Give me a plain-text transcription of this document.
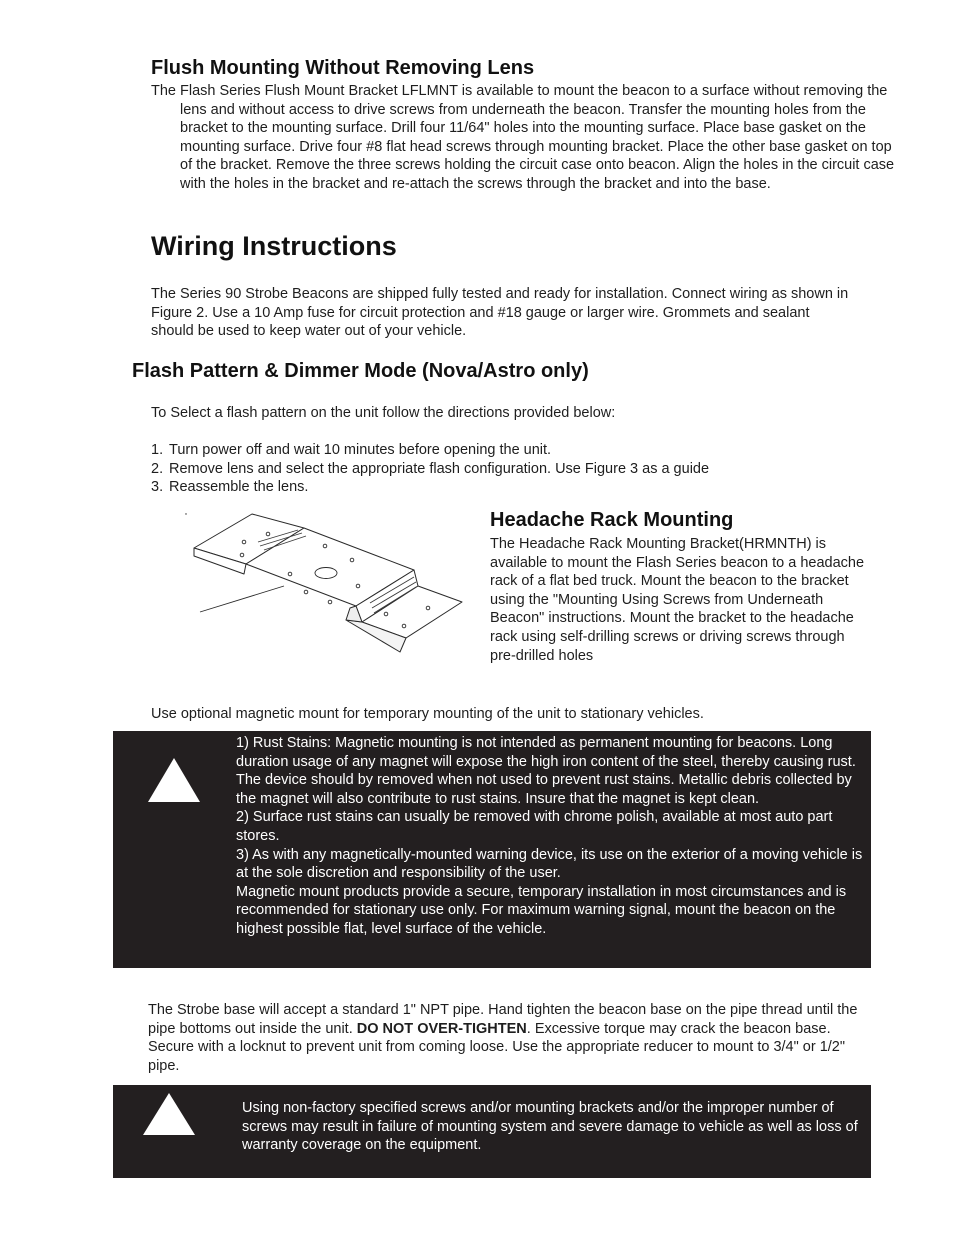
Flush Mounting Without Removing Lens
The Flash Series Flush Mount Bracket LFLMNT is available to mount the beacon to a surface without removing the lens and without access to drive screws from underneath the beacon. Transfer the mounting holes from the bracket to the mounting surface. Drill four 11/64" holes into the mounting surface. Place base gasket on the mounting surface. Drive four #8 flat head screws through mounting bracket. Place the other base gasket on top of the bracket. Remove the three screws holding the circuit case onto beacon. Align the holes in the circuit case with the holes in the bracket and re-attach the screws through the bracket and into the base.
Wiring Instructions
The Series 90 Strobe Beacons are shipped fully tested and ready for installation. Connect wiring as shown in Figure 2. Use a 10 Amp fuse for circuit protection and #18 gauge or larger wire. Grommets and sealant should be used to keep water out of your vehicle.
Flash Pattern & Dimmer Mode (Nova/Astro only)
To Select a flash pattern on the unit follow the directions provided below:
1. Turn power off and wait 10 minutes before opening the unit.
2. Remove lens and select the appropriate flash configuration. Use Figure 3 as a guide
3. Reassemble the lens.
Headache Rack Mounting
The Headache Rack Mounting Bracket(HRMNTH) is available to mount the Flash Series beacon to a headache rack of a flat bed truck. Mount the beacon to the bracket using the "Mounting Using Screws from Underneath Beacon" instructions. Mount the bracket to the headache rack using self-drilling screws or driving screws through pre-drilled holes
Use optional magnetic mount for temporary mounting of the unit to stationary vehicles.

1) Rust Stains: Magnetic mounting is not intended as permanent mounting for beacons. Long duration usage of any magnet will expose the high iron content of the steel, thereby causing rust. The device should by removed when not used to prevent rust stains. Metallic debris collected by the magnet will also contribute to rust stains. Insure that the magnet is kept clean.

2) Surface rust stains can usually be removed with chrome polish, available at most auto part stores.

3) As with any magnetically-mounted warning device, its use on the exterior of a moving vehicle is at the sole discretion and responsibility of the user.

Magnetic mount products provide a secure, temporary installation in most circumstances and is recommended for stationary use only. For maximum warning signal, mount the beacon on the highest possible flat, level surface of the vehicle.

The Strobe base will accept a standard 1" NPT pipe. Hand tighten the beacon base on the pipe thread until the pipe bottoms out inside the unit. DO NOT OVER-TIGHTEN. Excessive torque may crack the beacon base. Secure with a locknut to prevent unit from coming loose. Use the appropriate reducer to mount to 3/4" or 1/2" pipe.
Using non-factory specified screws and/or mounting brackets and/or the improper number of screws may result in failure of mounting system and severe damage to vehicle as well as loss of warranty coverage on the equipment.
